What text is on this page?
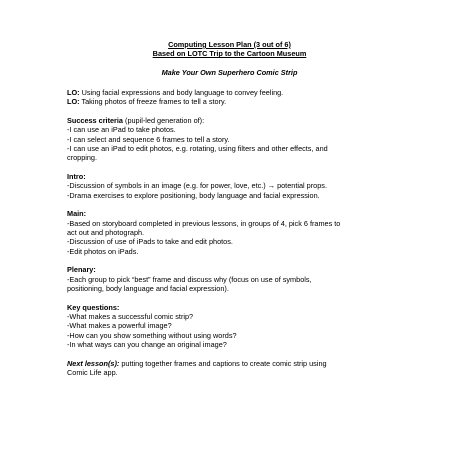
Computing Lesson Plan (3 out of 6)
Based on LOTC Trip to the Cartoon Museum
Make Your Own Superhero Comic Strip
LO: Using facial expressions and body language to convey feeling.
LO: Taking photos of freeze frames to tell a story.
Success criteria (pupil-led generation of):
-I can use an iPad to take photos.
-I can select and sequence 6 frames to tell a story.
-I can use an iPad to edit photos, e.g. rotating, using filters and other effects, and
cropping.
Intro:
-Discussion of symbols in an image (e.g. for power, love, etc.) → potential props.
-Drama exercises to explore positioning, body language and facial expression.
Main:
-Based on storyboard completed in previous lessons, in groups of 4, pick 6 frames to
act out and photograph.
-Discussion of use of iPads to take and edit photos.
-Edit photos on iPads.
Plenary:
-Each group to pick “best” frame and discuss why (focus on use of symbols,
positioning, body language and facial expression).
Key questions:
-What makes a successful comic strip?
-What makes a powerful image?
-How can you show something without using words?
-In what ways can you change an original image?
Next lesson(s): putting together frames and captions to create comic strip using
Comic Life app.
